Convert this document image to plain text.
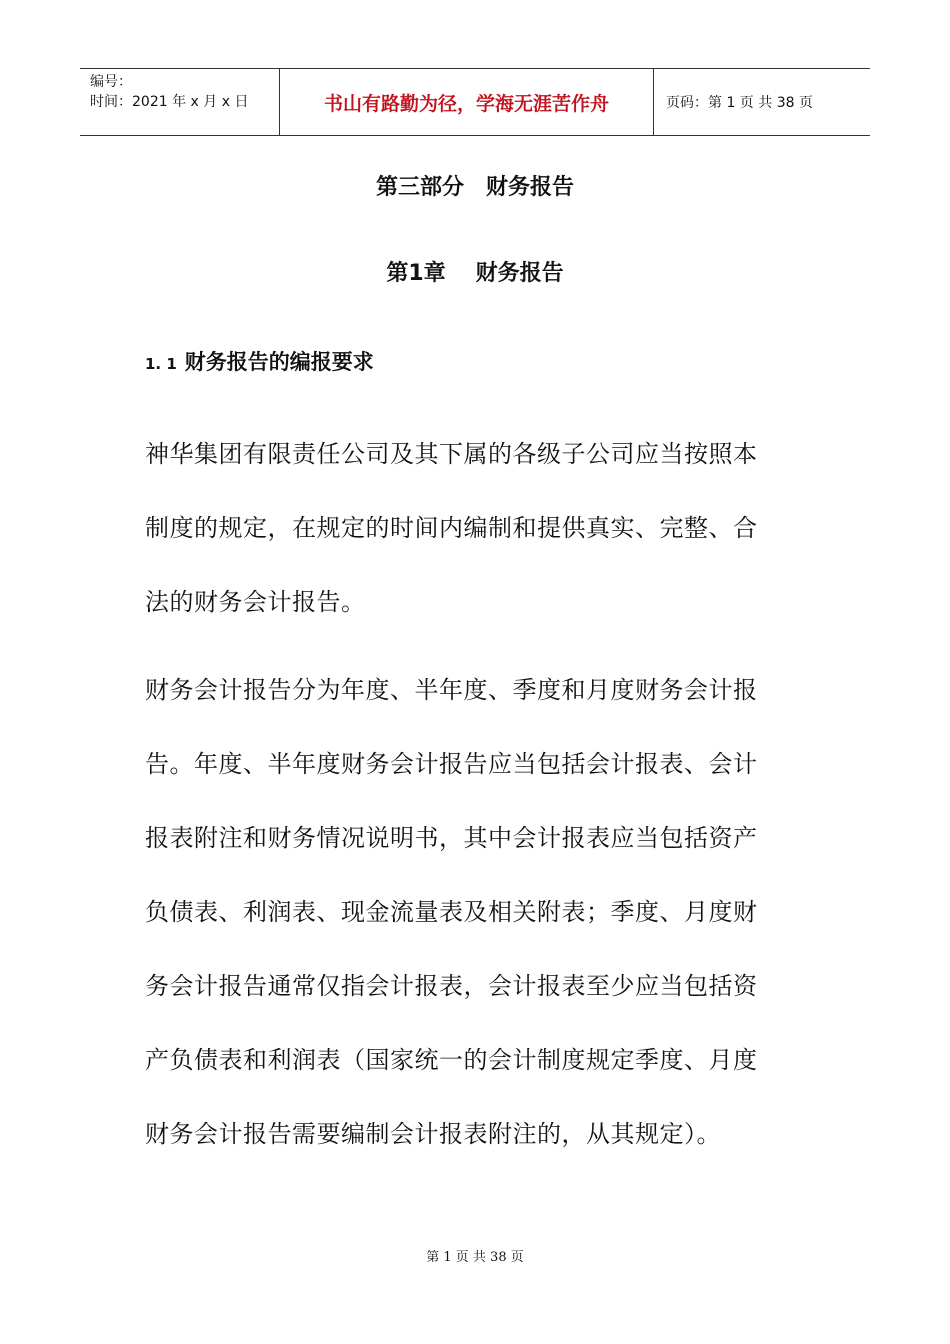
编号：
时间：2021 年 x 月 x 日	书山有路勤为径，学海无涯苦作舟	页码：第 1 页 共 38 页
第三部分　财务报告
第1章 财务报告
1. 1 财务报告的编报要求
神华集团有限责任公司及其下属的各级子公司应当按照本
制度的规定，在规定的时间内编制和提供真实、完整、合
法的财务会计报告。
财务会计报告分为年度、半年度、季度和月度财务会计报
告。年度、半年度财务会计报告应当包括会计报表、会计
报表附注和财务情况说明书，其中会计报表应当包括资产
负债表、利润表、现金流量表及相关附表；季度、月度财
务会计报告通常仅指会计报表，会计报表至少应当包括资
产负债表和利润表（国家统一的会计制度规定季度、月度
财务会计报告需要编制会计报表附注的，从其规定）。
第 1 页 共 38 页
